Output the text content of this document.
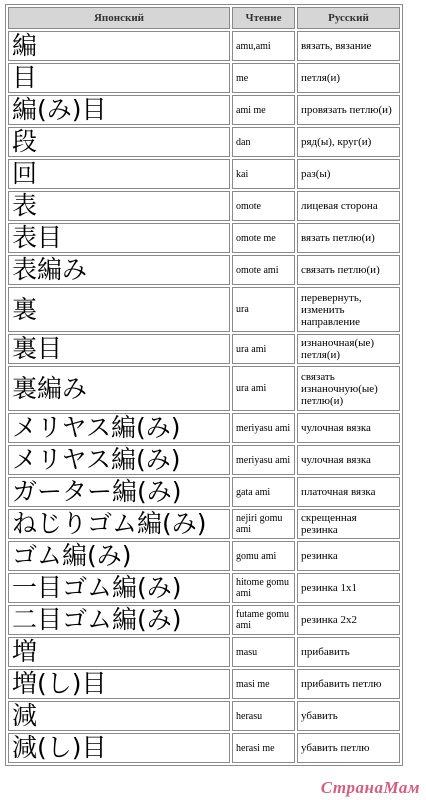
Японский	Чтение	Русский
編	amu,ami	вязать, вязание
目	me	петля(и)
編(み)目	ami me	провязать петлю(и)
段	dan	ряд(ы), круг(и)
回	kai	раз(ы)
表	omote	лицевая сторона
表目	omote me	вязать петлю(и)
表編み	omote ami	связать петлю(и)
裏	ura	перевернуть, изменить направление
裏目	ura ami	изнаночная(ые) петля(и)
裏編み	ura ami	связать изнаночную(ые) петлю(и)
メリヤス編(み)	meriyasu ami	чулочная вязка
メリヤス編(み)	meriyasu ami	чулочная вязка
ガーター編(み)	gata ami	платочная вязка
ねじりゴム編(み)	nejiri gomu ami	скрещенная резинка
ゴム編(み)	gomu ami	резинка
一目ゴム編(み)	hitome gomu ami	резинка 1x1
二目ゴム編(み)	futame gomu ami	резинка 2x2
増	masu	прибавить
増(し)目	masi me	прибавить петлю
減	herasu	убавить
減(し)目	herasi me	убавить петлю
СтранаМам
